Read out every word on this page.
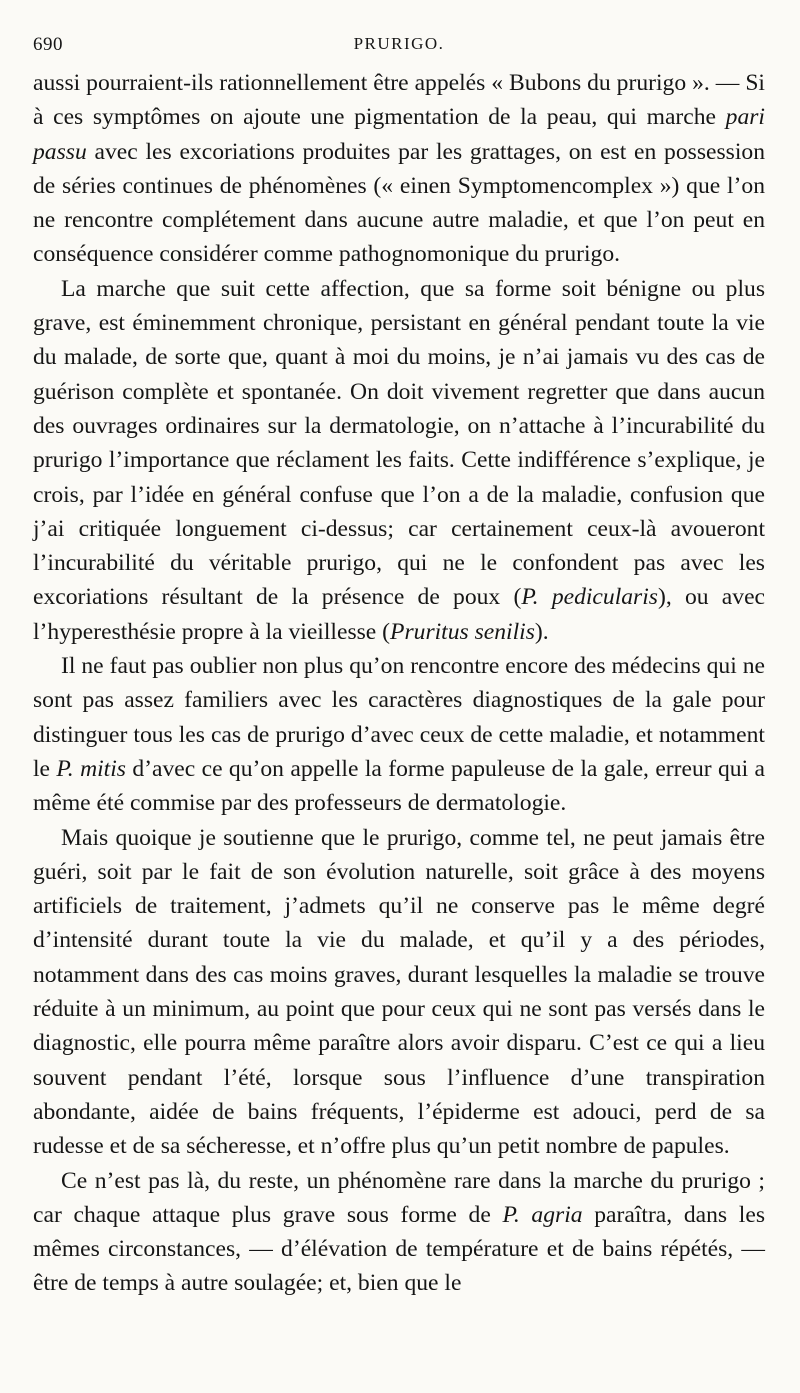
690	PRURIGO.

aussi pourraient-ils rationnellement être appelés « Bubons du prurigo ». — Si à ces symptômes on ajoute une pigmentation de la peau, qui marche pari passu avec les excoriations produites par les grattages, on est en possession de séries continues de phénomènes (« einen Symptomencomplex ») que l’on ne rencontre complétement dans aucune autre maladie, et que l’on peut en conséquence considérer comme pathognomonique du prurigo.

La marche que suit cette affection, que sa forme soit bénigne ou plus grave, est éminemment chronique, persistant en général pendant toute la vie du malade, de sorte que, quant à moi du moins, je n’ai jamais vu des cas de guérison complète et spontanée. On doit vivement regretter que dans aucun des ouvrages ordinaires sur la dermatologie, on n’attache à l’incurabilité du prurigo l’importance que réclament les faits. Cette indifférence s’explique, je crois, par l’idée en général confuse que l’on a de la maladie, confusion que j’ai critiquée longuement ci-dessus; car certainement ceux-là avoueront l’incurabilité du véritable prurigo, qui ne le confondent pas avec les excoriations résultant de la présence de poux (P. pedicularis), ou avec l’hyperesthésie propre à la vieillesse (Pruritus senilis).

Il ne faut pas oublier non plus qu’on rencontre encore des médecins qui ne sont pas assez familiers avec les caractères diagnostiques de la gale pour distinguer tous les cas de prurigo d’avec ceux de cette maladie, et notamment le P. mitis d’avec ce qu’on appelle la forme papuleuse de la gale, erreur qui a même été commise par des professeurs de dermatologie.

Mais quoique je soutienne que le prurigo, comme tel, ne peut jamais être guéri, soit par le fait de son évolution naturelle, soit grâce à des moyens artificiels de traitement, j’admets qu’il ne conserve pas le même degré d’intensité durant toute la vie du malade, et qu’il y a des périodes, notamment dans des cas moins graves, durant lesquelles la maladie se trouve réduite à un minimum, au point que pour ceux qui ne sont pas versés dans le diagnostic, elle pourra même paraître alors avoir disparu. C’est ce qui a lieu souvent pendant l’été, lorsque sous l’influence d’une transpiration abondante, aidée de bains fréquents, l’épiderme est adouci, perd de sa rudesse et de sa sécheresse, et n’offre plus qu’un petit nombre de papules.

Ce n’est pas là, du reste, un phénomène rare dans la marche du prurigo ; car chaque attaque plus grave sous forme de P. agria paraîtra, dans les mêmes circonstances, — d’élévation de température et de bains répétés, — être de temps à autre soulagée; et, bien que le
